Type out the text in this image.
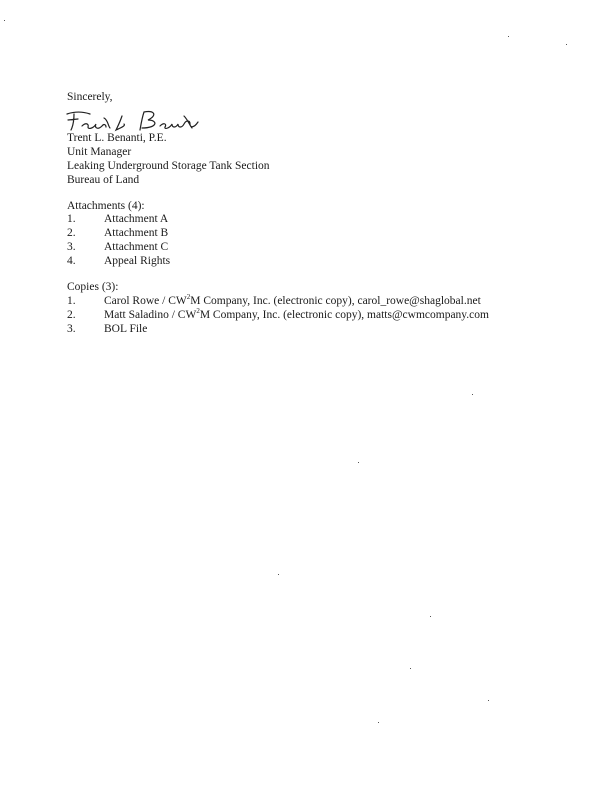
Sincerely,
Trent L. Benanti, P.E.
Unit Manager
Leaking Underground Storage Tank Section
Bureau of Land
Attachments (4):
1. Attachment A
2. Attachment B
3. Attachment C
4. Appeal Rights
Copies (3):
1. Carol Rowe / $CW^2M$ Company, Inc. (electronic copy), carol_rowe@shaglobal.net
2. Matt Saladino / $CW^2M$ Company, Inc. (electronic copy), matts@cwmcompany.com
3. BOL File
